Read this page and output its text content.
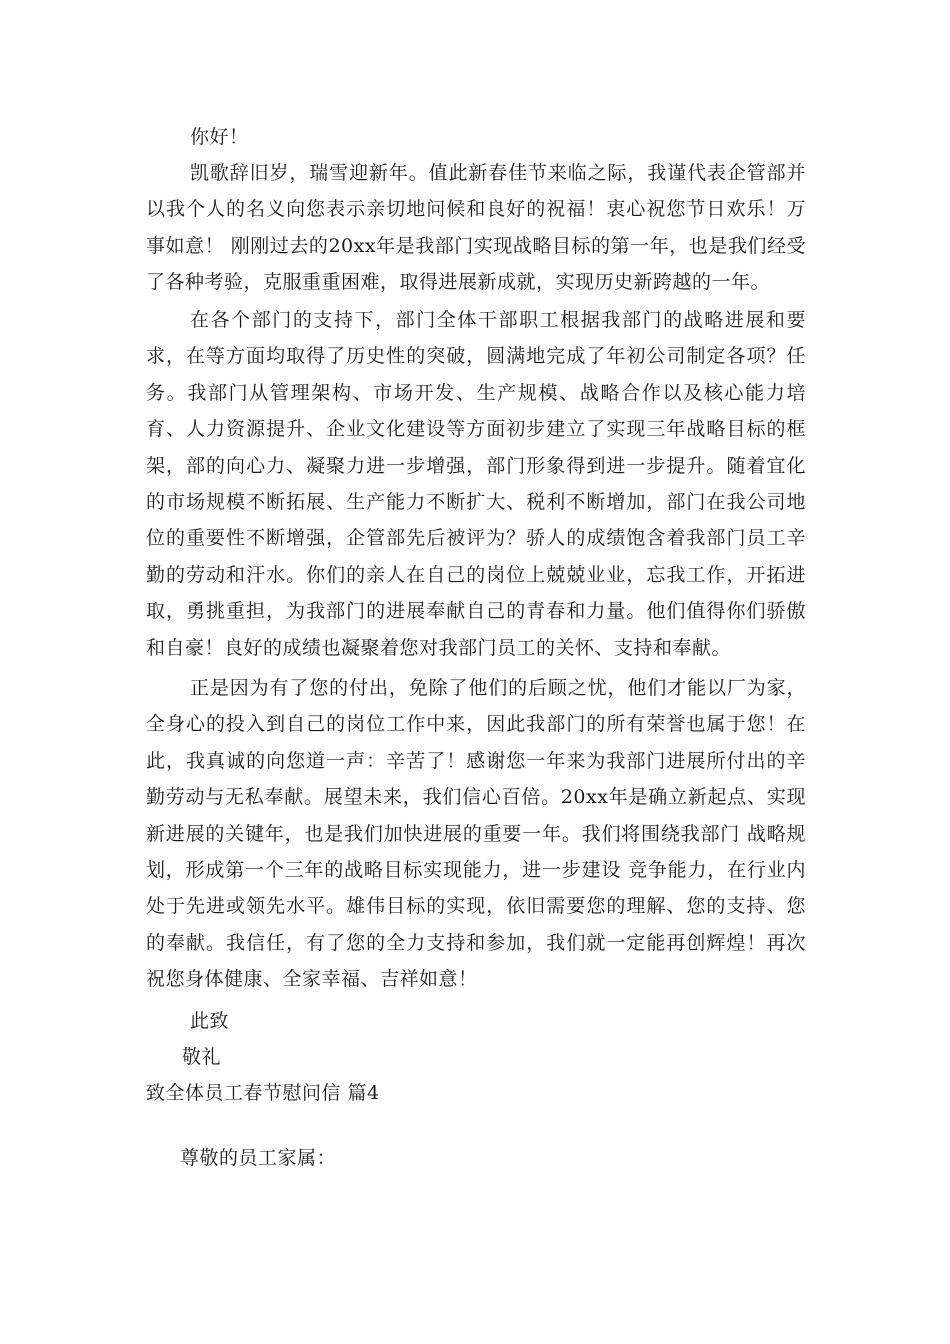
你好！

凯歌辞旧岁，瑞雪迎新年。值此新春佳节来临之际，我谨代表企管部并以我个人的名义向您表示亲切地问候和良好的祝福！衷心祝您节日欢乐！万事如意！ 刚刚过去的20xx年是我部门实现战略目标的第一年，也是我们经受了各种考验，克服重重困难，取得进展新成就，实现历史新跨越的一年。

在各个部门的支持下，部门全体干部职工根据我部门的战略进展和要求，在等方面均取得了历史性的突破，圆满地完成了年初公司制定各项？任务。我部门从管理架构、市场开发、生产规模、战略合作以及核心能力培育、人力资源提升、企业文化建设等方面初步建立了实现三年战略目标的框架，部的向心力、凝聚力进一步增强，部门形象得到进一步提升。随着宜化的市场规模不断拓展、生产能力不断扩大、税利不断增加，部门在我公司地位的重要性不断增强，企管部先后被评为？骄人的成绩饱含着我部门员工辛勤的劳动和汗水。你们的亲人在自己的岗位上兢兢业业，忘我工作，开拓进取，勇挑重担，为我部门的进展奉献自己的青春和力量。他们值得你们骄傲和自豪！良好的成绩也凝聚着您对我部门员工的关怀、支持和奉献。

正是因为有了您的付出，免除了他们的后顾之忧，他们才能以厂为家，全身心的投入到自己的岗位工作中来，因此我部门的所有荣誉也属于您！在此，我真诚的向您道一声：辛苦了！感谢您一年来为我部门进展所付出的辛勤劳动与无私奉献。展望未来，我们信心百倍。20xx年是确立新起点、实现新进展的关键年，也是我们加快进展的重要一年。我们将围绕我部门 战略规划，形成第一个三年的战略目标实现能力，进一步建设 竞争能力，在行业内处于先进或领先水平。雄伟目标的实现，依旧需要您的理解、您的支持、您的奉献。我信任，有了您的全力支持和参加，我们就一定能再创辉煌！再次祝您身体健康、全家幸福、吉祥如意！

此致

敬礼

致全体员工春节慰问信 篇4

尊敬的员工家属：
